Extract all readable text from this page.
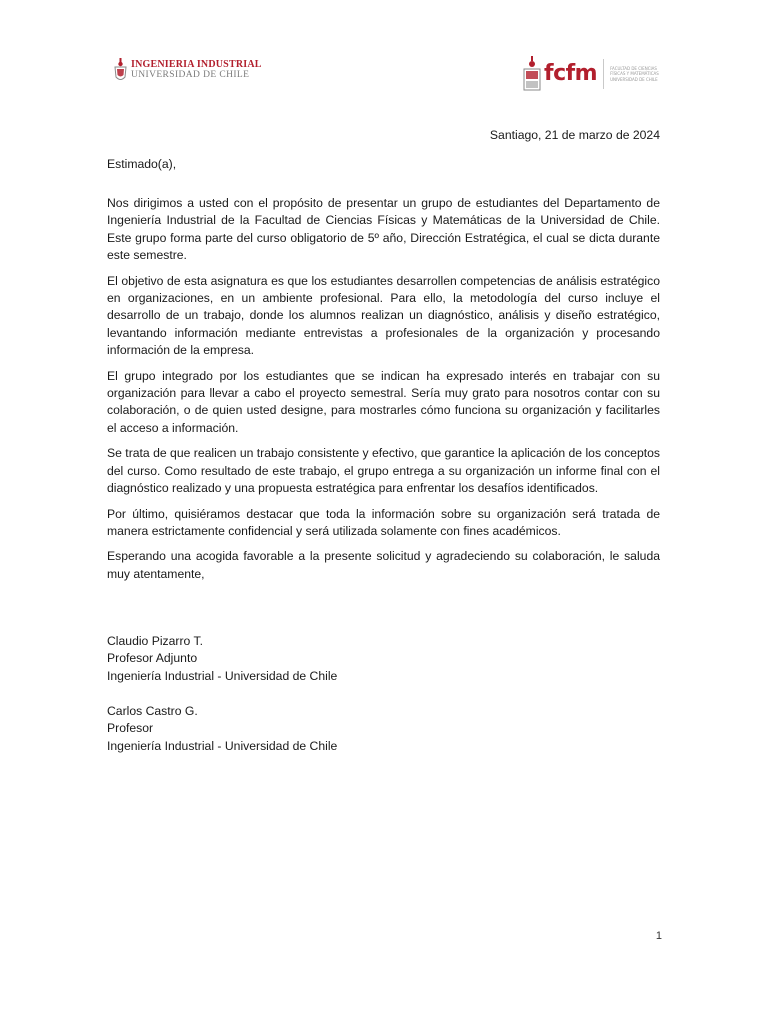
INGENIERIA INDUSTRIAL
UNIVERSIDAD DE CHILE	fcfm	FACULTAD DE CIENCIAS
FÍSICAS Y MATEMÁTICAS
UNIVERSIDAD DE CHILE
Santiago, 21 de marzo de 2024
Estimado(a),

Nos dirigimos a usted con el propósito de presentar un grupo de estudiantes del Departamento de Ingeniería Industrial de la Facultad de Ciencias Físicas y Matemáticas de la Universidad de Chile. Este grupo forma parte del curso obligatorio de 5º año, Dirección Estratégica, el cual se dicta durante este semestre.

El objetivo de esta asignatura es que los estudiantes desarrollen competencias de análisis estratégico en organizaciones, en un ambiente profesional. Para ello, la metodología del curso incluye el desarrollo de un trabajo, donde los alumnos realizan un diagnóstico, análisis y diseño estratégico, levantando información mediante entrevistas a profesionales de la organización y procesando información de la empresa.

El grupo integrado por los estudiantes que se indican ha expresado interés en trabajar con su organización para llevar a cabo el proyecto semestral. Sería muy grato para nosotros contar con su colaboración, o de quien usted designe, para mostrarles cómo funciona su organización y facilitarles el acceso a información.

Se trata de que realicen un trabajo consistente y efectivo, que garantice la aplicación de los conceptos del curso. Como resultado de este trabajo, el grupo entrega a su organización un informe final con el diagnóstico realizado y una propuesta estratégica para enfrentar los desafíos identificados.

Por último, quisiéramos destacar que toda la información sobre su organización será tratada de manera estrictamente confidencial y será utilizada solamente con fines académicos.

Esperando una acogida favorable a la presente solicitud y agradeciendo su colaboración, le saluda muy atentamente,

Claudio Pizarro T.
Profesor Adjunto
Ingeniería Industrial - Universidad de Chile
Carlos Castro G.
Profesor
Ingeniería Industrial - Universidad de Chile
1
